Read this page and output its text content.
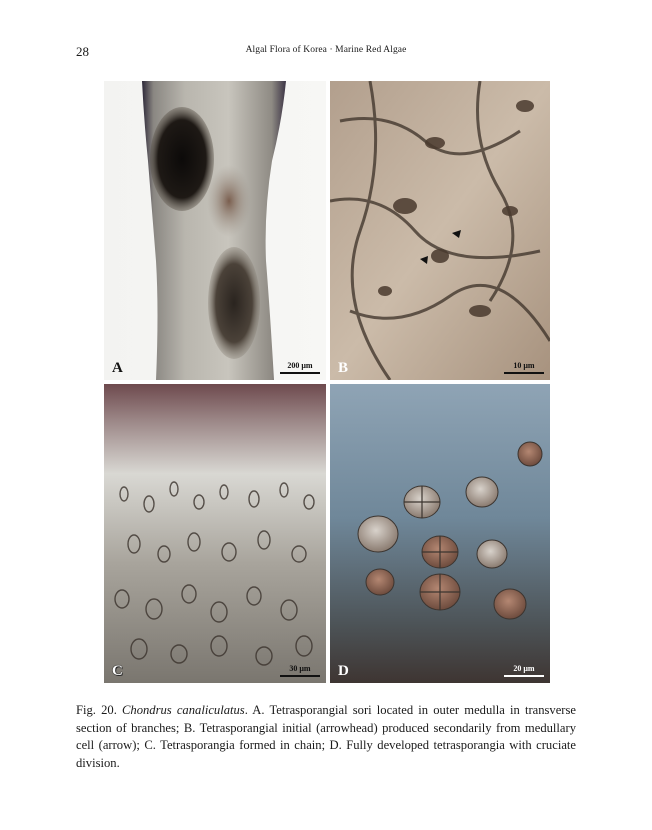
28	Algal Flora of Korea · Marine Red Algae
A	200 μm	B	10 μm
C	30 μm	D	20 μm
Fig. 20. Chondrus canaliculatus. A. Tetrasporangial sori located in outer medulla in transverse section of branches; B. Tetrasporangial initial (arrowhead) produced secondarily from medullary cell (arrow); C. Tetrasporangia formed in chain; D. Fully developed tetrasporangia with cruciate division.
